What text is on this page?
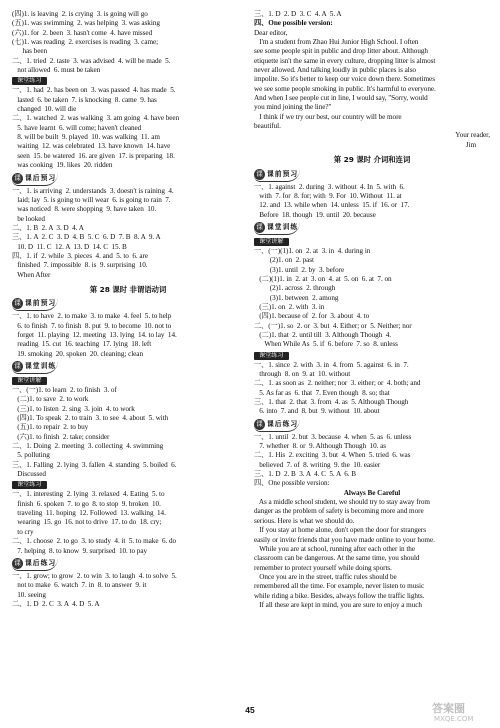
(四)1. is leaving  2. is crying  3. is going will go
(五)1. was swimming  2. was helping  3. was asking
(六)1. for  2. been  3. hasn't come  4. have missed
(七)1. was reading  2. exercises is reading  3. came;
has been
二、1. tried  2. taste  3. was advised  4. will be made  5.
not allowed  6. must be taken
课堂练习
一、1. had  2. has been on  3. was passed  4. has made  5.
lasted  6. be taken  7. is knocking  8. came  9. has
changed  10. will die
二、1. watched  2. was walking  3. am going  4. have been
5. have learnt  6. will come; haven't cleaned
8. will be built  9. played  10. was walking  11. am
waiting  12. was celebrated  13. have known  14. have
seen  15. be watered  16. are given  17. is preparing  18.
was cooking  19. likes  20. ridden
课 课后预习
一、1. is arriving  2. understands  3. doesn't is raining  4.
laid; lay  5. is going to will wear  6. is going to rain  7.
was noticed  8. were shopping  9. have taken  10.
be looked
二、1. B  2. A  3. D  4. A
三、1. A  2. C  3. D  4. B  5. C  6. D  7. B  8. A  9. A
10. D  11. C  12. A  13. D  14. C  15. B
四、1. if  2. while  3. pieces  4. and  5. to  6. are
finished  7. impossible  8. is  9. surprising  10.
When After
第 28 课时 非谓语动词
课 课前预习
一、1. to have  2. to make  3. to make  4. feel  5. to help
6. to finish  7. to finish  8. put  9. to become  10. not to
forget  11. playing  12. meeting  13. lying  14. to lay  14.
reading  15. cut  16. teaching  17. lying  18. left
19. smoking  20. spoken  20. cleaning; clean
课 课堂训练
课堂讲解
一、(一)1. to learn  2. to finish  3. of
(二)1. to save  2. to work
(三)1. to listen  2. sing  3. join  4. to work
(四)1. To speak  2. to train  3. to see  4. about  5. with
(五)1. to repair  2. to buy
(六)1. to finish  2. take; consider
二、1. Doing  2. meeting  3. collecting  4. swimming
5. polluting
三、1. Falling  2. lying  3. fallen  4. standing  5. boiled  6.
Discussed
课堂练习
一、1. interesting  2. lying  3. relaxed  4. Eating  5. to
finish  6. spoken  7. to go  8. to stop  9. broken  10.
traveling  11. hoping  12. Followed  13. walking  14.
wearing  15. go  16. not to drive  17. to do  18. cry;
to cry
二、1. choose  2. to go  3. to study  4. it  5. to make  6. do
7. helping  8. to know  9. surprised  10. to pay
课 课后练习
一、1. grow; to grow  2. to win  3. to laugh  4. to solve  5.
not to make  6. watch  7. in  8. to answer  9. it
10. seeing
二、1. D  2. C  3. A  4. D  5. A
三、1. D  2. D  3. C  4. A  5. A
四、One possible version:
Dear editor,
I'm a student from Zhao Hui Junior High School. I often
see some people spit in public and drop litter about. Although
etiquette isn't the same in every culture, dropping litter is almost
never allowed. And talking loudly in public places is also
impolite. So it's better to keep our voice down there. Sometimes
we see some people smoking in public. It's harmful to everyone.
And when I see people cut in line, I would say, "Sorry, would
you mind joining the line?"
I think if we try our best, our country will be more
beautiful.
Your reader,
Jim
第 29 课时 介词和连词
课 课前预习
一、1. against  2. during  3. without  4. In  5. with  6.
with  7. for  8. for; with  9. For  10. Without  11. at
12. and  13. while when  14. unless  15. if  16. or  17.
Before  18. though  19. until  20. because
课 课堂训练
课堂讲解
一、(一)(1)1. on  2. at  3. in  4. during in
(2)1. on  2. past
(3)1. until  2. by  3. before
(二)(1)1. in  2. at  3. on  4. at  5. on  6. at  7. on
(2)1. across  2. through
(3)1. between  2. among
(三)1. on  2. with  3. in
(四)1. because of  2. for  3. about  4. to
二、(一)1. so  2. or  3. but  4. Either; or  5. Neither; nor
(二)1. that  2. until till  3. Although Though  4.
When While As  5. if  6. before  7. so  8. unless
课堂练习
一、1. since  2. with  3. in  4. from  5. against  6. in  7.
through  8. on  9. at  10. without
二、1. as soon as  2. neither; nor  3. either; or  4. both; and
5. As far as  6. that  7. Even though  8. so; that
三、1. that  2. that  3. from  4. as  5. Although Though
6. into  7. and  8. but  9. without  10. about
课 课后练习
一、1. until  2. but  3. because  4. when  5. as  6. unless
7. whether  8. or  9. Although Though  10. as
二、1. His  2. exciting  3. but  4. When  5. tried  6. was
believed  7. of  8. writing  9. the  10. easier
三、1. D  2. B  3. A  4. C  5. A  6. B
四、One possible version:
Always Be Careful
As a middle school student, we should try to stay away from
danger as the problem of safety is becoming more and more
serious. Here is what we should do.
If you stay at home alone, don't open the door for strangers
easily or invite friends that you have made online to your home.
While you are at school, running after each other in the
classroom can be dangerous. At the same time, you should
remember to protect yourself while doing sports.
Once you are in the street, traffic rules should be
remembered all the time. For example, never listen to music
while riding a bike. Besides, always follow the traffic lights.
If all these are kept in mind, you are sure to enjoy a much
45	答案圈
MXQE.COM
